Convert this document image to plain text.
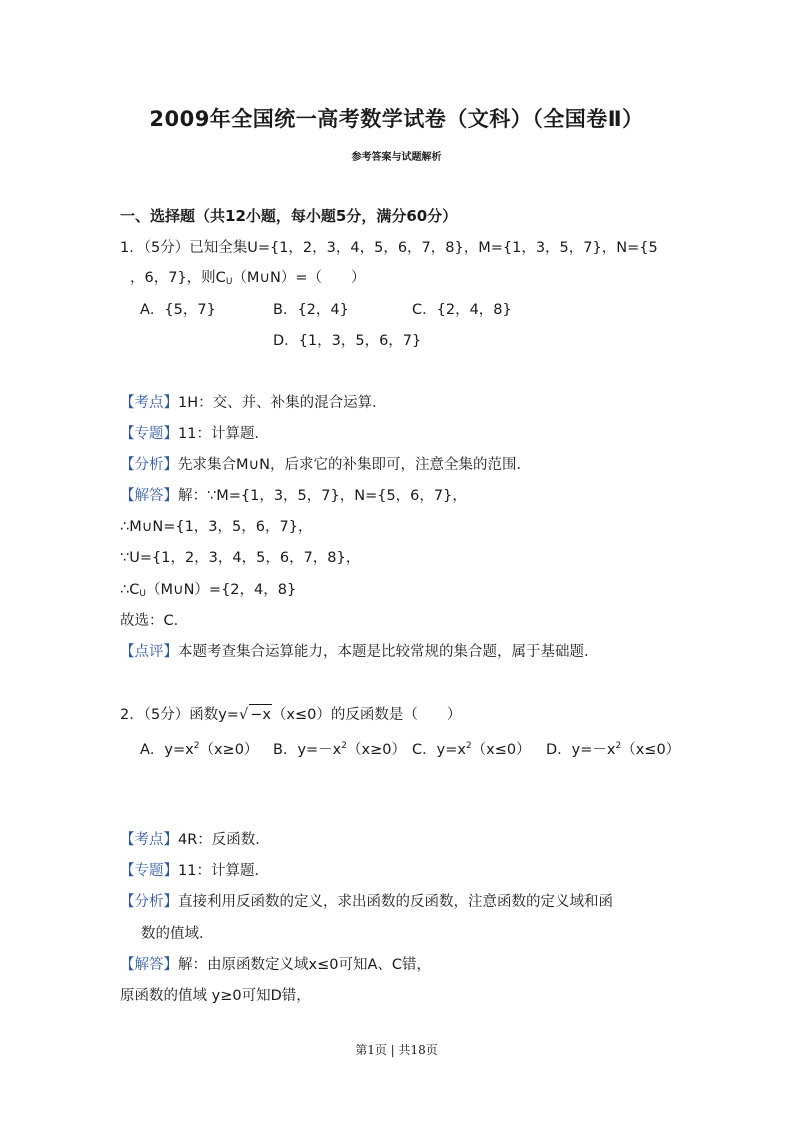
2009年全国统一高考数学试卷（文科）（全国卷Ⅱ）
参考答案与试题解析
一、选择题（共12小题，每小题5分，满分60分）
1．（5分）已知全集U={1，2，3，4，5，6，7，8}，M={1，3，5，7}，N={5
，6，7}，则$C_U(M\cup N)=$（　　）
A．{5，7}	B．{2，4}	C．{2，4，8}
D．{1，3，5，6，7}
【考点】1H：交、并、补集的混合运算．
【专题】11：计算题．
【分析】先求集合M∪N，后求它的补集即可，注意全集的范围．
【解答】解：∵M={1，3，5，7}，N={5，6，7}，
∴M∪N={1，3，5，6，7}，
∵U={1，2，3，4，5，6，7，8}，
$\therefore C_U(M\cup N)=\{2$，4，8}
故选：C．
【点评】本题考查集合运算能力，本题是比较常规的集合题，属于基础题．
2．（5分）函数y=√ −x（x≤0）的反函数是（　　）
A．$y=x^2(x\ge 0)$ B．$y=-x^2(x\ge 0)$ C．$y=x^2(x\le 0)$ D．$y=-x^2(x\le 0)$
【考点】4R：反函数．
【专题】11：计算题．
【分析】直接利用反函数的定义，求出函数的反函数，注意函数的定义域和函
数的值域．
【解答】解：由原函数定义域x≤0可知A、C错，
原函数的值域 y≥0可知D错，
第1页 | 共18页
